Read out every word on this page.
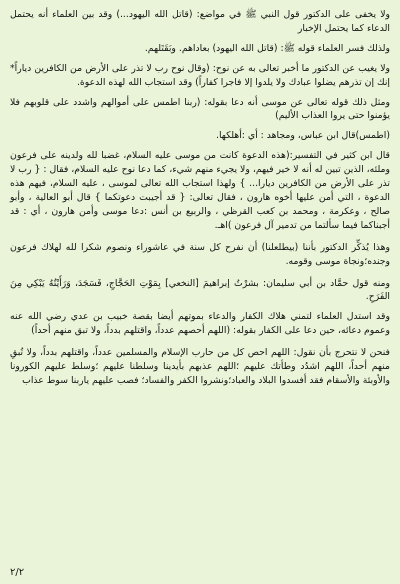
ولا يخفى على الدكتور قول النبي ﷺ في مواضع: (قاتل الله اليهود...) وقد بين العلماء أنه يحتمل الدعاء كما يحتمل الإخبار

ولذلك فسر العلماء قوله ﷺ: (قاتل الله اليهود) بعاداهم. وبَقَتَلهم.

ولا يغيب عن الدكتور ما أخبر تعالى به عن نوح: (وقال نوح رب لا تذر على الأرض من الكافرين دياراً* إنك إن تذرهم يضلوا عبادك ولا يلدوا إلا فاجرا كفاراً) وقد استجاب الله لهذه الدعوة.

ومثل ذلك قوله تعالى عن موسى أنه دعا بقوله: (ربنا اطمس على أموالهم واشدد على قلوبهم فلا يؤمنوا حتى يروا العذاب الأليم)

(اطمس)قال ابن عباس، ومجاهد : أي :أهلكها.

قال ابن كثير في التفسير:(هذه الدعوة كانت من موسى عليه السلام، غضبا لله ولدينه على فرعون وملئه، الذين تبين له أنه لا خير فيهم، ولا يجيء منهم شيء، كما دعا نوح عليه السلام، فقال : { رب لا تذر على الأرض من الكافرين ديارا... } ولهذا استجاب الله تعالى لموسى ، عليه السلام، فيهم هذه الدعوة ، التي أمن عليها أخوه هارون ، فقال تعالى: { قد أجيبت دعوتكما } قال أبو العالية ، وأبو صالح ، وعكرمة ، ومحمد بن كعب القرظي ، والربيع بن أنس :دعا موسى وأمن هارون ، أي : قد أجبناكما فيما سألتما من تدمير آل فرعون )اهـ.

وهذا يُذكِّر الدكتور بأننا (بيطلعلنا) أن نفرح كل سنة في عاشوراء ونصوم شكرا لله لهلاك فرعون وجنده؛ونجاة موسى وقومه.

ومنه قول حمَّاد بن أبي سليمان: بشرْتُ إبراهيمَ [النخعي] بِمَوْتِ الحَجَّاجِ، فَسَجَدَ، وَرَأَيْتُهُ يَبْكِي مِنَ الفَرَحِ.

وقد استدل العلماء لتمني هلاك الكفار والدعاء بموتهم أيضا بقصة خبيب بن عدي رضي الله عنه وعموم دعائه، حين دعا على الكفار بقوله: (اللهم أحصهم عدداً، واقتلهم بدداً، ولا تبق منهم أحداً)

فنحن لا نتحرج بأن نقول: اللهم احص كل من حارب الإسلام والمسلمين عدداً، واقتلهم بدداً، ولا تُبقِ منهم أحداً، اللهم اشدُد وطأتك عليهم ؛اللهم عذبهم بأيدينا وسلطنا عليهم ؛وسلط عليهم الكورونا والأوبئة والأسقام فقد أفسدوا البلاد والعباد؛ونشروا الكفر والفساد؛ فصب عليهم ياربنا سوط عذاب

٢/٢
